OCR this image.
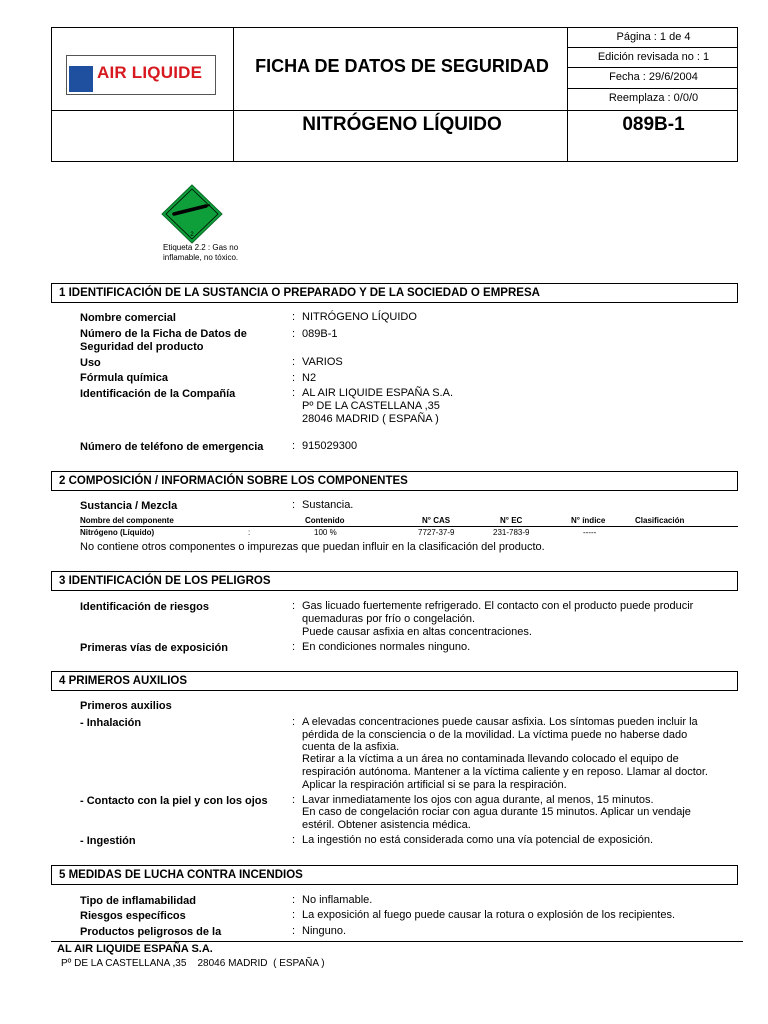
AIR LIQUIDE	FICHA DE DATOS DE SEGURIDAD
Página : 1 de 4
Edición revisada no : 1
Fecha : 29/6/2004
Reemplaza : 0/0/0
NITRÓGENO LÍQUIDO	089B-1
2
Etiqueta 2.2 : Gas no
inflamable, no tóxico.
1 IDENTIFICACIÓN DE LA SUSTANCIA O PREPARADO Y DE LA SOCIEDAD O EMPRESA
Nombre comercial	: NITRÓGENO LÍQUIDO
Número de la Ficha de Datos de
Seguridad del producto
: 089B-1
Uso	: VARIOS
Fórmula química	: N2
Identificación de la Compañía	: AL AIR LIQUIDE ESPAÑA S.A.
Pº DE LA CASTELLANA ,35
28046 MADRID ( ESPAÑA )
Número de teléfono de emergencia	: 915029300
2 COMPOSICIÓN / INFORMACIÓN SOBRE LOS COMPONENTES
Sustancia / Mezcla	: Sustancia.
Nombre del componente	Contenido	N° CAS	N° EC	N° índice	Clasificación
Nitrógeno (Líquido)	:	100 %	7727-37-9	231-783-9	-----
No contiene otros componentes o impurezas que puedan influir en la clasificación del producto.
3 IDENTIFICACIÓN DE LOS PELIGROS
Identificación de riesgos	: Gas licuado fuertemente refrigerado. El contacto con el producto puede producir
quemaduras por frío o congelación.
Puede causar asfixia en altas concentraciones.
Primeras vías de exposición	: En condiciones normales ninguno.
4 PRIMEROS AUXILIOS
Primeros auxilios
- Inhalación	: A elevadas concentraciones puede causar asfixia. Los síntomas pueden incluir la
pérdida de la consciencia o de la movilidad. La víctima puede no haberse dado
cuenta de la asfixia.
Retirar a la víctima a un área no contaminada llevando colocado el equipo de
respiración autónoma. Mantener a la víctima caliente y en reposo. Llamar al doctor.
Aplicar la respiración artificial si se para la respiración.
- Contacto con la piel y con los ojos : Lavar inmediatamente los ojos con agua durante, al menos, 15 minutos.
En caso de congelación rociar con agua durante 15 minutos. Aplicar un vendaje
estéril. Obtener asistencia médica.
- Ingestión	: La ingestión no está considerada como una vía potencial de exposición.
5 MEDIDAS DE LUCHA CONTRA INCENDIOS
Tipo de inflamabilidad	: No inflamable.
Riesgos específicos	: La exposición al fuego puede causar la rotura o explosión de los recipientes.
Productos peligrosos de la	: Ninguno.
AL AIR LIQUIDE ESPAÑA S.A.
Pº DE LA CASTELLANA ,35    28046 MADRID  ( ESPAÑA )
